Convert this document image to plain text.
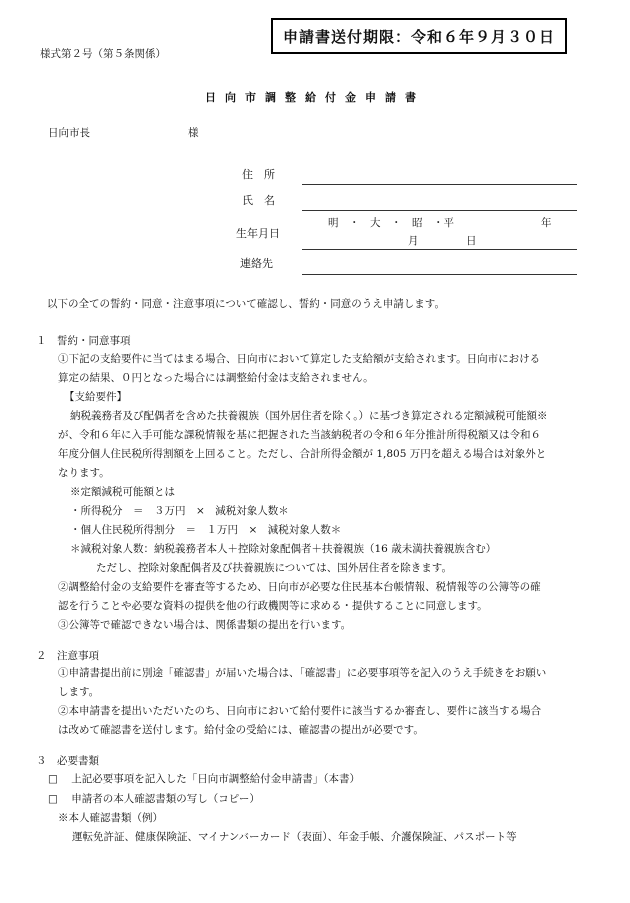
申請書送付期限：令和６年９月３０日
様式第２号（第５条関係）
日向市調整給付金申請書
日向市長	様
住　所
氏　名
生年月日
明　・　大　・　昭　・平	年
月	日
連絡先
以下の全ての誓約・同意・注意事項について確認し、誓約・同意のうえ申請します。
１　誓約・同意事項
①下記の支給要件に当てはまる場合、日向市において算定した支給額が支給されます。日向市における
算定の結果、０円となった場合には調整給付金は支給されません。
【支給要件】
納税義務者及び配偶者を含めた扶養親族（国外居住者を除く。）に基づき算定される定額減税可能額※
が、令和６年に入手可能な課税情報を基に把握された当該納税者の令和６年分推計所得税額又は令和６
年度分個人住民税所得割額を上回ること。ただし、合計所得金額が 1,805 万円を超える場合は対象外と
なります。
※定額減税可能額とは
・所得税分　＝　３万円　×　減税対象人数＊
・個人住民税所得割分　＝　１万円　×　減税対象人数＊
＊減税対象人数：納税義務者本人＋控除対象配偶者＋扶養親族（16 歳未満扶養親族含む）
ただし、控除対象配偶者及び扶養親族については、国外居住者を除きます。
②調整給付金の支給要件を審査等するため、日向市が必要な住民基本台帳情報、税情報等の公簿等の確
認を行うことや必要な資料の提供を他の行政機関等に求める・提供することに同意します。
③公簿等で確認できない場合は、関係書類の提出を行います。
２　注意事項
①申請書提出前に別途「確認書」が届いた場合は、「確認書」に必要事項等を記入のうえ手続きをお願い
します。
②本申請書を提出いただいたのち、日向市において給付要件に該当するか審査し、要件に該当する場合
は改めて確認書を送付します。給付金の受給には、確認書の提出が必要です。
３　必要書類
□ 上記必要事項を記入した「日向市調整給付金申請書」（本書）
□ 申請者の本人確認書類の写し（コピー）
※本人確認書類（例）
運転免許証、健康保険証、マイナンバーカード（表面）、年金手帳、介護保険証、パスポート等
